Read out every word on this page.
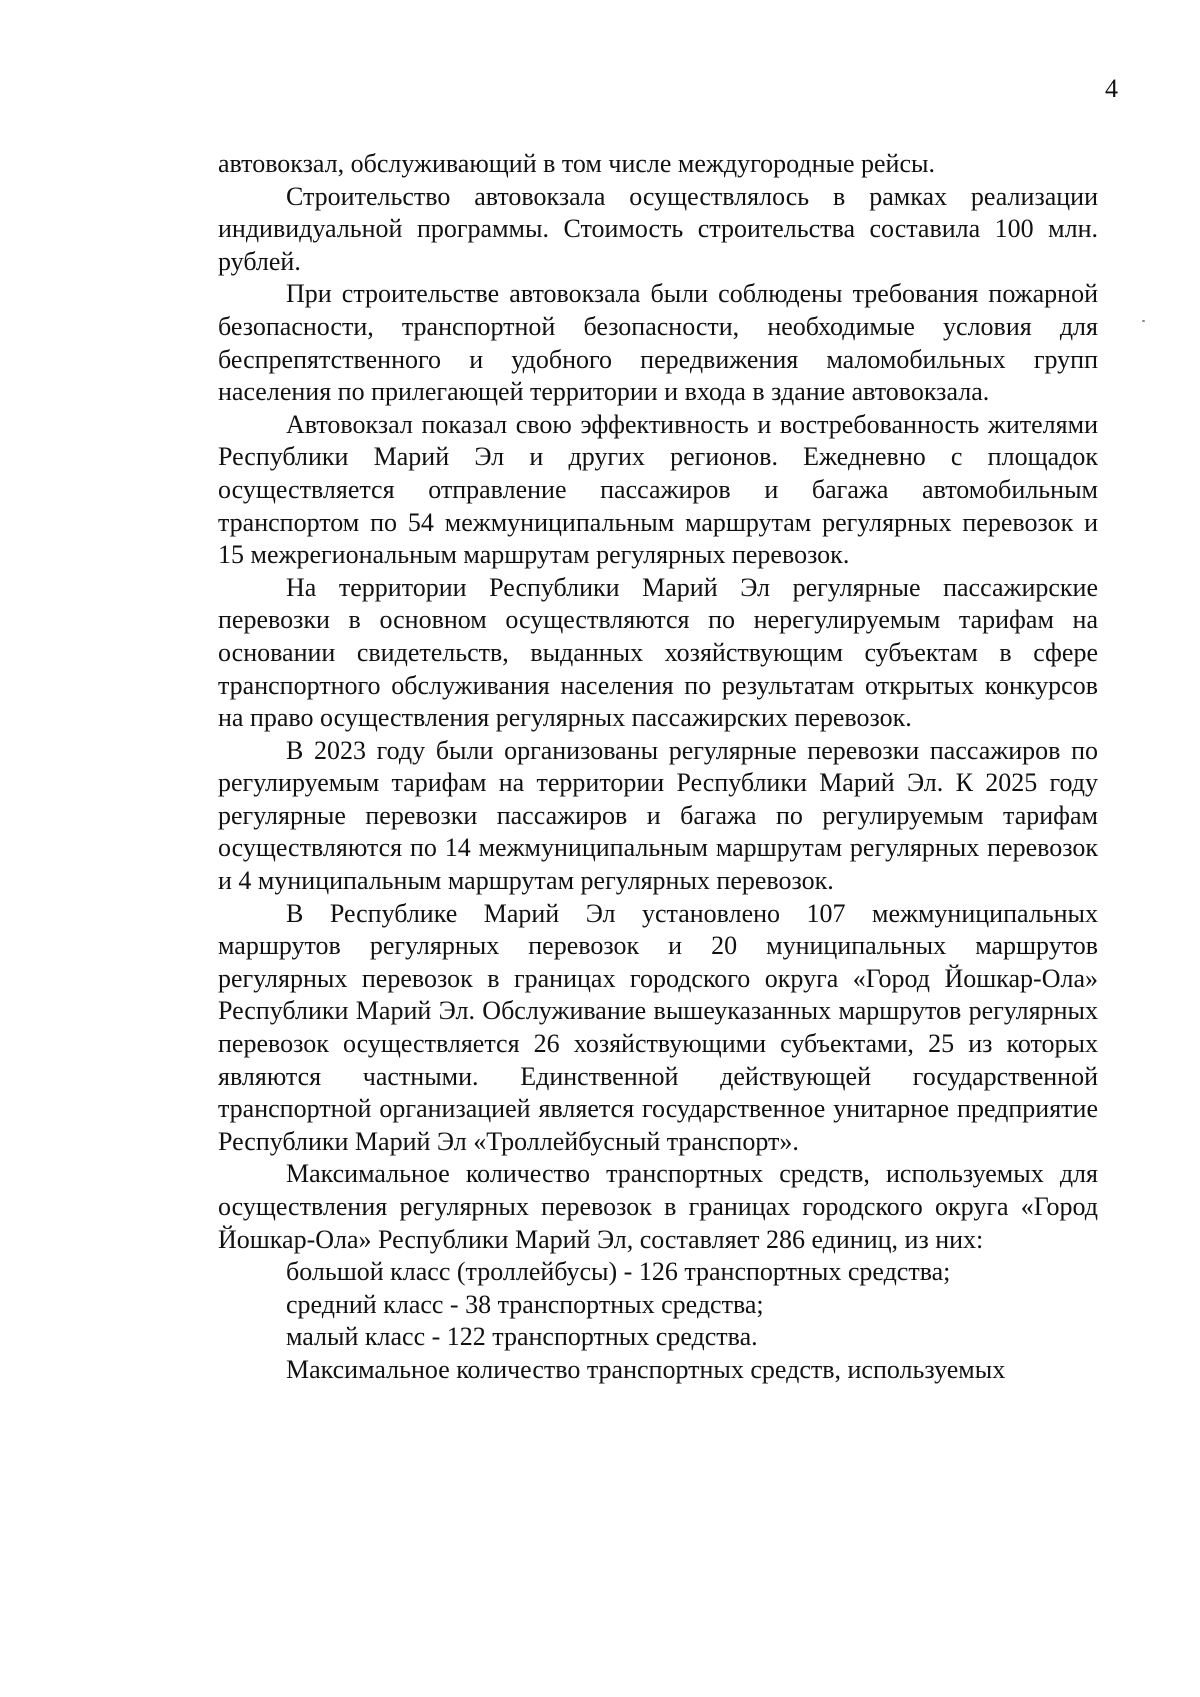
4

автовокзал, обслуживающий в том числе междугородные рейсы.

Строительство автовокзала осуществлялось в рамках реализации индивидуальной программы. Стоимость строительства составила 100 млн. рублей.

При строительстве автовокзала были соблюдены требования пожарной безопасности, транспортной безопасности, необходимые условия для беспрепятственного и удобного передвижения маломобильных групп населения по прилегающей территории и входа в здание автовокзала.

Автовокзал показал свою эффективность и востребованность жителями Республики Марий Эл и других регионов. Ежедневно с площадок осуществляется отправление пассажиров и багажа автомобильным транспортом по 54 межмуниципальным маршрутам регулярных перевозок и 15 межрегиональным маршрутам регулярных перевозок.

На территории Республики Марий Эл регулярные пассажирские перевозки в основном осуществляются по нерегулируемым тарифам на основании свидетельств, выданных хозяйствующим субъектам в сфере транспортного обслуживания населения по результатам открытых конкурсов на право осуществления регулярных пассажирских перевозок.

В 2023 году были организованы регулярные перевозки пассажиров по регулируемым тарифам на территории Республики Марий Эл. К 2025 году регулярные перевозки пассажиров и багажа по регулируемым тарифам осуществляются по 14 межмуниципальным маршрутам регулярных перевозок и 4 муниципальным маршрутам регулярных перевозок.

В Республике Марий Эл установлено 107 межмуниципальных маршрутов регулярных перевозок и 20 муниципальных маршрутов регулярных перевозок в границах городского округа «Город Йошкар-Ола» Республики Марий Эл. Обслуживание вышеуказанных маршрутов регулярных перевозок осуществляется 26 хозяйствующими субъектами, 25 из которых являются частными. Единственной действующей государственной транспортной организацией является государственное унитарное предприятие Республики Марий Эл «Троллейбусный транспорт».

Максимальное количество транспортных средств, используемых для осуществления регулярных перевозок в границах городского округа «Город Йошкар-Ола» Республики Марий Эл, составляет 286 единиц, из них:

большой класс (троллейбусы) - 126 транспортных средства;
средний класс - 38 транспортных средства;
малый класс - 122 транспортных средства.

Максимальное количество транспортных средств, используемых
